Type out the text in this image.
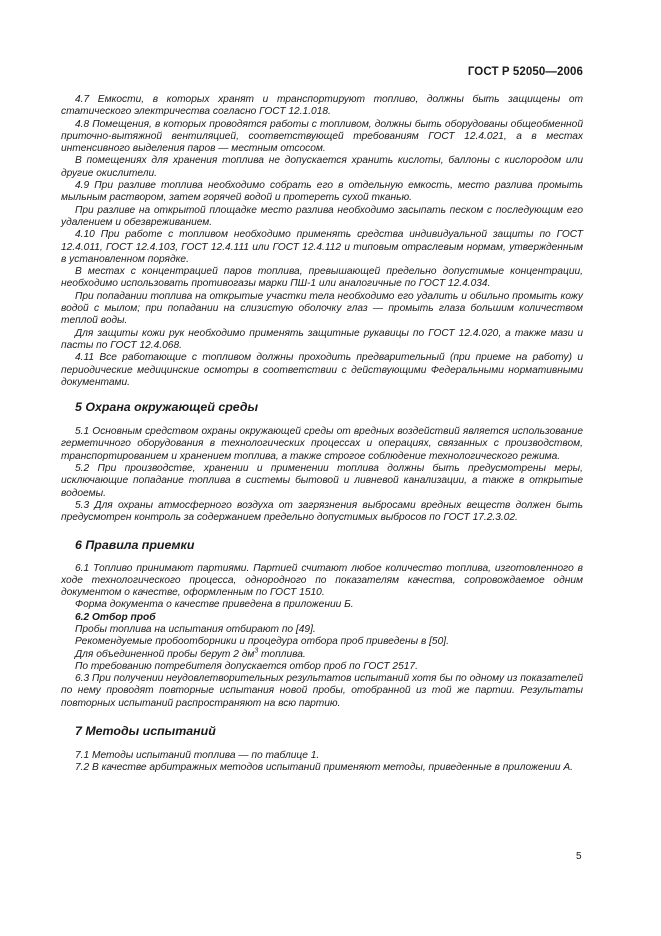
ГОСТ Р 52050—2006

4.7 Емкости, в которых хранят и транспортируют топливо, должны быть защищены от статического электричества согласно ГОСТ 12.1.018.

4.8 Помещения, в которых проводятся работы с топливом, должны быть оборудованы общеобменной приточно-вытяжной вентиляцией, соответствующей требованиям ГОСТ 12.4.021, а в местах интенсивного выделения паров — местным отсосом.

В помещениях для хранения топлива не допускается хранить кислоты, баллоны с кислородом или другие окислители.

4.9 При разливе топлива необходимо собрать его в отдельную емкость, место разлива промыть мыльным раствором, затем горячей водой и протереть сухой тканью.

При разливе на открытой площадке место разлива необходимо засыпать песком с последующим его удалением и обезвреживанием.

4.10 При работе с топливом необходимо применять средства индивидуальной защиты по ГОСТ 12.4.011, ГОСТ 12.4.103, ГОСТ 12.4.111 или ГОСТ 12.4.112 и типовым отраслевым нормам, утвержденным в установленном порядке.

В местах с концентрацией паров топлива, превышающей предельно допустимые концентрации, необходимо использовать противогазы марки ПШ-1 или аналогичные по ГОСТ 12.4.034.

При попадании топлива на открытые участки тела необходимо его удалить и обильно промыть кожу водой с мылом; при попадании на слизистую оболочку глаз — промыть глаза большим количеством теплой воды.

Для защиты кожи рук необходимо применять защитные рукавицы по ГОСТ 12.4.020, а также мази и пасты по ГОСТ 12.4.068.

4.11 Все работающие с топливом должны проходить предварительный (при приеме на работу) и периодические медицинские осмотры в соответствии с действующими Федеральными нормативными документами.

5 Охрана окружающей среды

5.1 Основным средством охраны окружающей среды от вредных воздействий является использование герметичного оборудования в технологических процессах и операциях, связанных с производством, транспортированием и хранением топлива, а также строгое соблюдение технологического режима.

5.2 При производстве, хранении и применении топлива должны быть предусмотрены меры, исключающие попадание топлива в системы бытовой и ливневой канализации, а также в открытые водоемы.

5.3 Для охраны атмосферного воздуха от загрязнения выбросами вредных веществ должен быть предусмотрен контроль за содержанием предельно допустимых выбросов по ГОСТ 17.2.3.02.

6 Правила приемки

6.1 Топливо принимают партиями. Партией считают любое количество топлива, изготовленного в ходе технологического процесса, однородного по показателям качества, сопровождаемое одним документом о качестве, оформленным по ГОСТ 1510.

Форма документа о качестве приведена в приложении Б.

6.2 Отбор проб

Пробы топлива на испытания отбирают по [49].

Рекомендуемые пробоотборники и процедура отбора проб приведены в [50].

Для объединенной пробы берут 2 $дм^3$ топлива.

По требованию потребителя допускается отбор проб по ГОСТ 2517.

6.3 При получении неудовлетворительных результатов испытаний хотя бы по одному из показателей по нему проводят повторные испытания новой пробы, отобранной из той же партии. Результаты повторных испытаний распространяют на всю партию.

7 Методы испытаний

7.1 Методы испытаний топлива — по таблице 1.

7.2 В качестве арбитражных методов испытаний применяют методы, приведенные в приложении А.

5
